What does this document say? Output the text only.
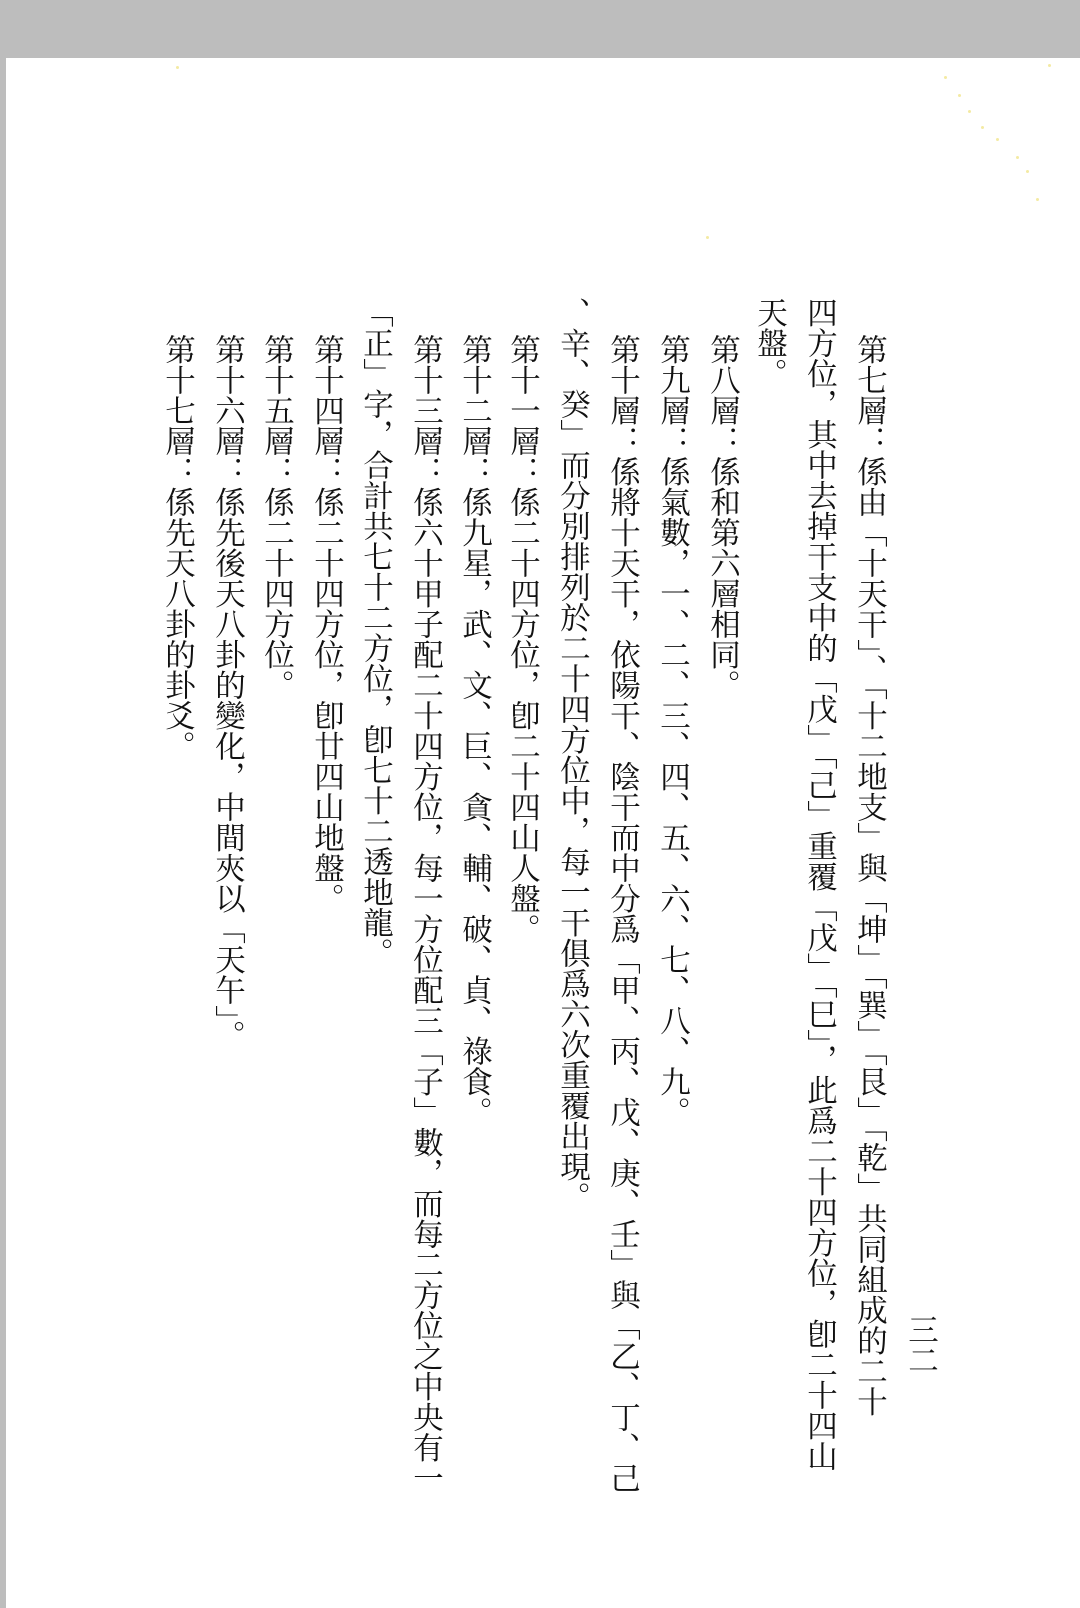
三二
第七層：係由「十天干」、「十二地支」與「坤」「巽」「艮」「乾」共同組成的二十
四方位，其中去掉干支中的「戊」「己」重覆「戊」「巳」，此爲二十四方位，卽二十四山
天盤。
第八層：係和第六層相同。
第九層：係氣數，一、二、三、四、五、六、七、八、九。
第十層：係將十天干，依陽干、陰干而中分爲「甲、丙、戊、庚、壬」與「乙、丁、己
、辛、癸」而分別排列於二十四方位中，每一干俱爲六次重覆出現。
第十一層：係二十四方位，卽二十四山人盤。
第十二層：係九星，武、文、巨、貪、輔、破、貞、祿食。
第十三層：係六十甲子配二十四方位，每一方位配三「子」數，而每二方位之中央有一
「正」字，合計共七十二方位，卽七十二透地龍。
第十四層：係二十四方位，卽廿四山地盤。
第十五層：係二十四方位。
第十六層：係先後天八卦的變化，中間夾以「天午」。
第十七層：係先天八卦的卦爻。
